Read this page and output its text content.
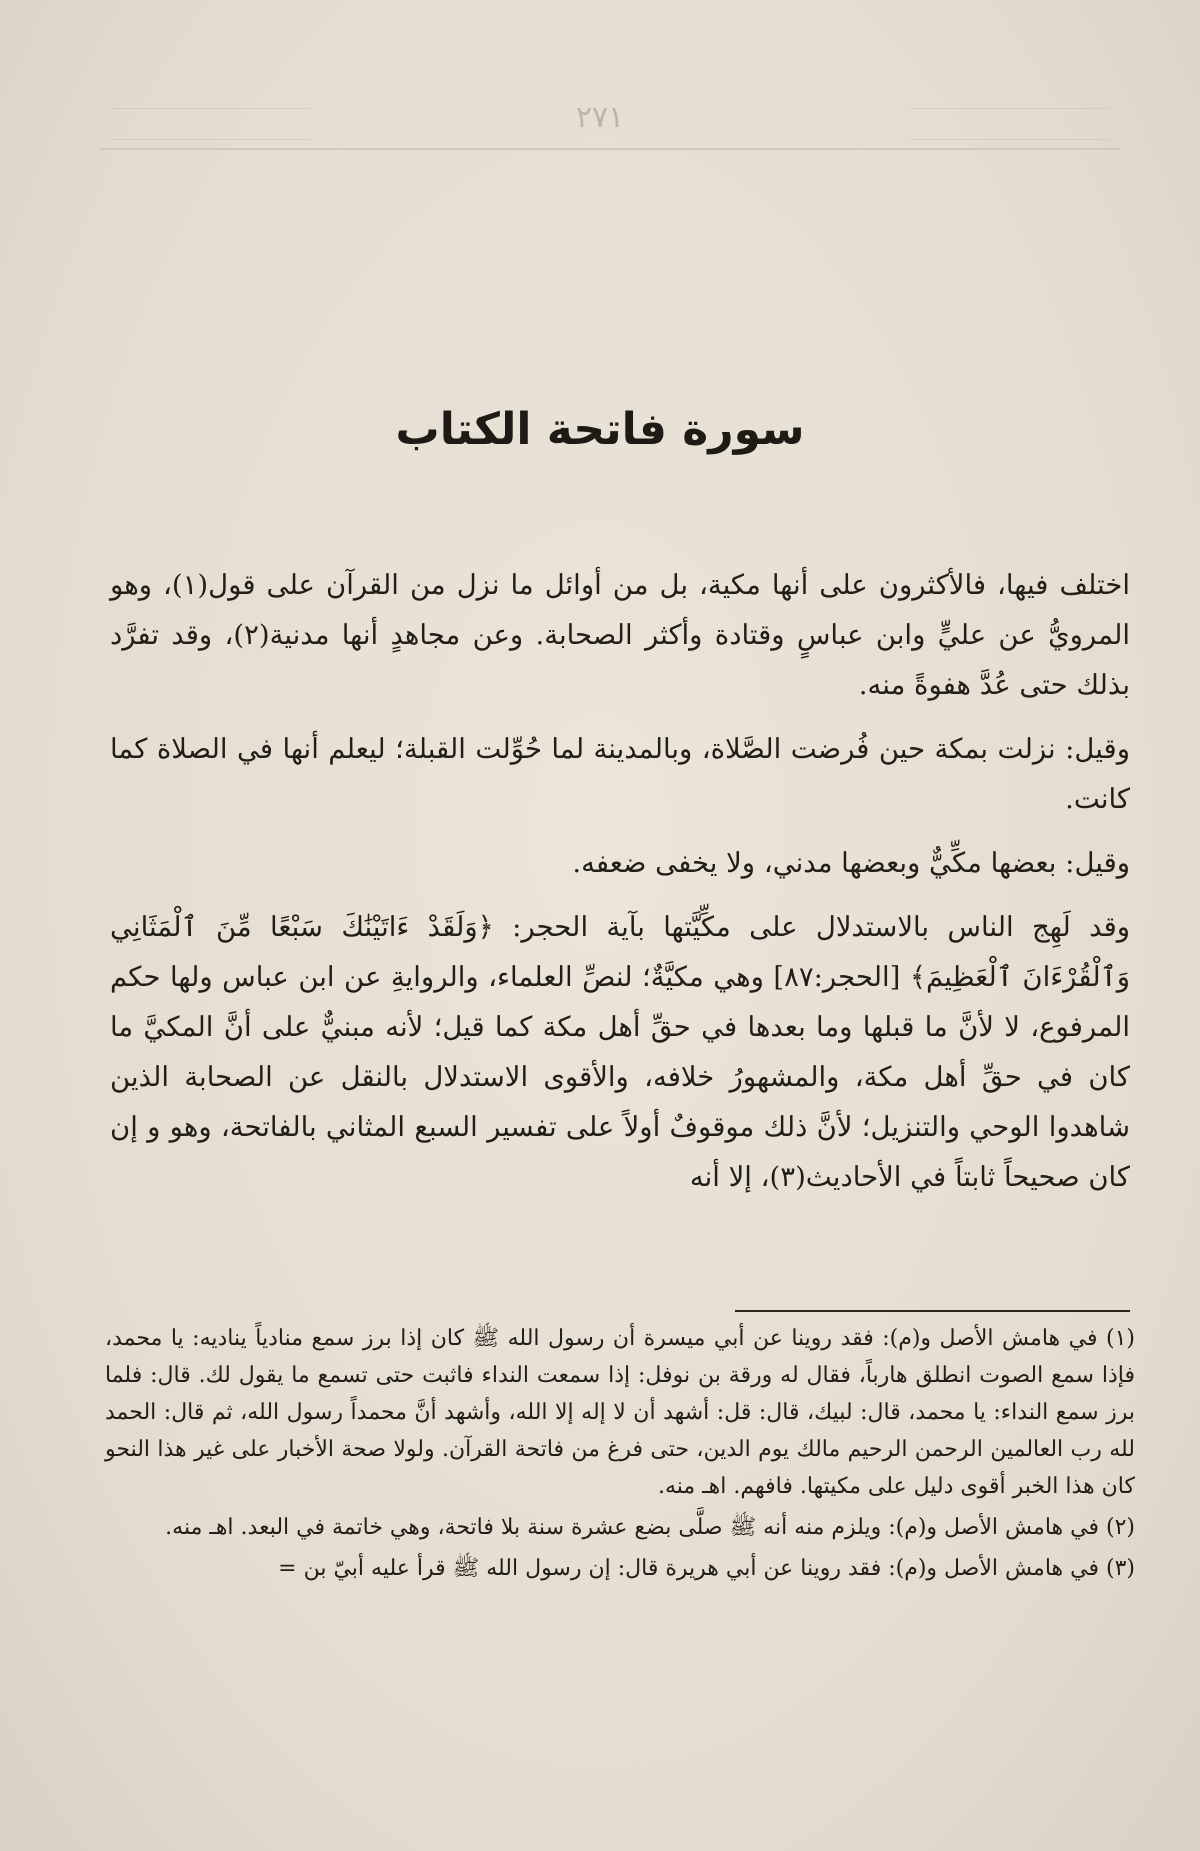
٢٧١
سورة فاتحة الكتاب

اختلف فيها، فالأكثرون على أنها مكية، بل من أوائل ما نزل من القرآن على قول(١)، وهو المرويُّ عن عليٍّ وابن عباسٍ وقتادة وأكثر الصحابة. وعن مجاهدٍ أنها مدنية(٢)، وقد تفرَّد بذلك حتى عُدَّ هفوةً منه.

وقيل: نزلت بمكة حين فُرضت الصَّلاة، وبالمدينة لما حُوِّلت القبلة؛ ليعلم أنها في الصلاة كما كانت.

وقيل: بعضها مكِّيٌّ وبعضها مدني، ولا يخفى ضعفه.

وقد لَهِج الناس بالاستدلال على مكِّيَّتها بآية الحجر: ﴿وَلَقَدْ ءَاتَيْنَٰكَ سَبْعًا مِّنَ ٱلْمَثَانِي وَٱلْقُرْءَانَ ٱلْعَظِيمَ﴾ [الحجر:٨٧] وهي مكيَّةٌ؛ لنصِّ العلماء، والروايةِ عن ابن عباس ولها حكم المرفوع، لا لأنَّ ما قبلها وما بعدها في حقِّ أهل مكة كما قيل؛ لأنه مبنيٌّ على أنَّ المكيَّ ما كان في حقِّ أهل مكة، والمشهورُ خلافه، والأقوى الاستدلال بالنقل عن الصحابة الذين شاهدوا الوحي والتنزيل؛ لأنَّ ذلك موقوفٌ أولاً على تفسير السبع المثاني بالفاتحة، وهو و إن كان صحيحاً ثابتاً في الأحاديث(٣)، إلا أنه

(١) في هامش الأصل و(م): فقد روينا عن أبي ميسرة أن رسول الله ﷺ كان إذا برز سمع منادياً يناديه: يا محمد، فإذا سمع الصوت انطلق هارباً، فقال له ورقة بن نوفل: إذا سمعت النداء فاثبت حتى تسمع ما يقول لك. قال: فلما برز سمع النداء: يا محمد، قال: لبيك، قال: قل: أشهد أن لا إله إلا الله، وأشهد أنَّ محمداً رسول الله، ثم قال: الحمد لله رب العالمين الرحمن الرحيم مالك يوم الدين، حتى فرغ من فاتحة القرآن. ولولا صحة الأخبار على غير هذا النحو كان هذا الخبر أقوى دليل على مكيتها. فافهم. اهـ منه.

(٢) في هامش الأصل و(م): ويلزم منه أنه ﷺ صلَّى بضع عشرة سنة بلا فاتحة، وهي خاتمة في البعد. اهـ منه.

(٣) في هامش الأصل و(م): فقد روينا عن أبي هريرة قال: إن رسول الله ﷺ قرأ عليه أبيّ بن =
